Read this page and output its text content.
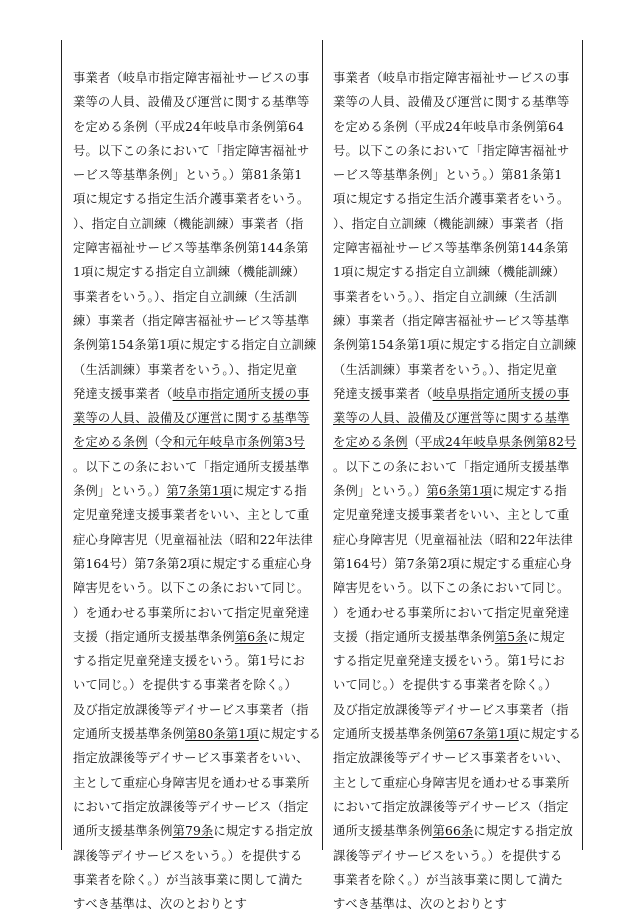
事業者（岐阜市指定障害福祉サービスの事
業等の人員、設備及び運営に関する基準等
を定める条例（平成24年岐阜市条例第64
号。以下この条において「指定障害福祉サ
ービス等基準条例」という。）第81条第1
項に規定する指定生活介護事業者をいう。
）、指定自立訓練（機能訓練）事業者（指
定障害福祉サービス等基準条例第144条第
1項に規定する指定自立訓練（機能訓練）
事業者をいう。）、指定自立訓練（生活訓
練）事業者（指定障害福祉サービス等基準
条例第154条第1項に規定する指定自立訓練
（生活訓練）事業者をいう。）、指定児童
発達支援事業者（岐阜市指定通所支援の事
業等の人員、設備及び運営に関する基準等
を定める条例（令和元年岐阜市条例第3号
。以下この条において「指定通所支援基準
条例」という。）第7条第1項に規定する指
定児童発達支援事業者をいい、主として重
症心身障害児（児童福祉法（昭和22年法律
第164号）第7条第2項に規定する重症心身
障害児をいう。以下この条において同じ。
）を通わせる事業所において指定児童発達
支援（指定通所支援基準条例第6条に規定
する指定児童発達支援をいう。第1号にお
いて同じ。）を提供する事業者を除く。）
及び指定放課後等デイサービス事業者（指
定通所支援基準条例第80条第1項に規定する
指定放課後等デイサービス事業者をいい、
主として重症心身障害児を通わせる事業所
において指定放課後等デイサービス（指定
通所支援基準条例第79条に規定する指定放
課後等デイサービスをいう。）を提供する
事業者を除く。）が当該事業に関して満た
すべき基準は、次のとおりとす
事業者（岐阜市指定障害福祉サービスの事
業等の人員、設備及び運営に関する基準等
を定める条例（平成24年岐阜市条例第64
号。以下この条において「指定障害福祉サ
ービス等基準条例」という。）第81条第1
項に規定する指定生活介護事業者をいう。
）、指定自立訓練（機能訓練）事業者（指
定障害福祉サービス等基準条例第144条第
1項に規定する指定自立訓練（機能訓練）
事業者をいう。）、指定自立訓練（生活訓
練）事業者（指定障害福祉サービス等基準
条例第154条第1項に規定する指定自立訓練
（生活訓練）事業者をいう。）、指定児童
発達支援事業者（岐阜県指定通所支援の事
業等の人員、設備及び運営等に関する基準
を定める条例（平成24年岐阜県条例第82号
。以下この条において「指定通所支援基準
条例」という。）第6条第1項に規定する指
定児童発達支援事業者をいい、主として重
症心身障害児（児童福祉法（昭和22年法律
第164号）第7条第2項に規定する重症心身
障害児をいう。以下この条において同じ。
）を通わせる事業所において指定児童発達
支援（指定通所支援基準条例第5条に規定
する指定児童発達支援をいう。第1号にお
いて同じ。）を提供する事業者を除く。）
及び指定放課後等デイサービス事業者（指
定通所支援基準条例第67条第1項に規定する
指定放課後等デイサービス事業者をいい、
主として重症心身障害児を通わせる事業所
において指定放課後等デイサービス（指定
通所支援基準条例第66条に規定する指定放
課後等デイサービスをいう。）を提供する
事業者を除く。）が当該事業に関して満た
すべき基準は、次のとおりとす
